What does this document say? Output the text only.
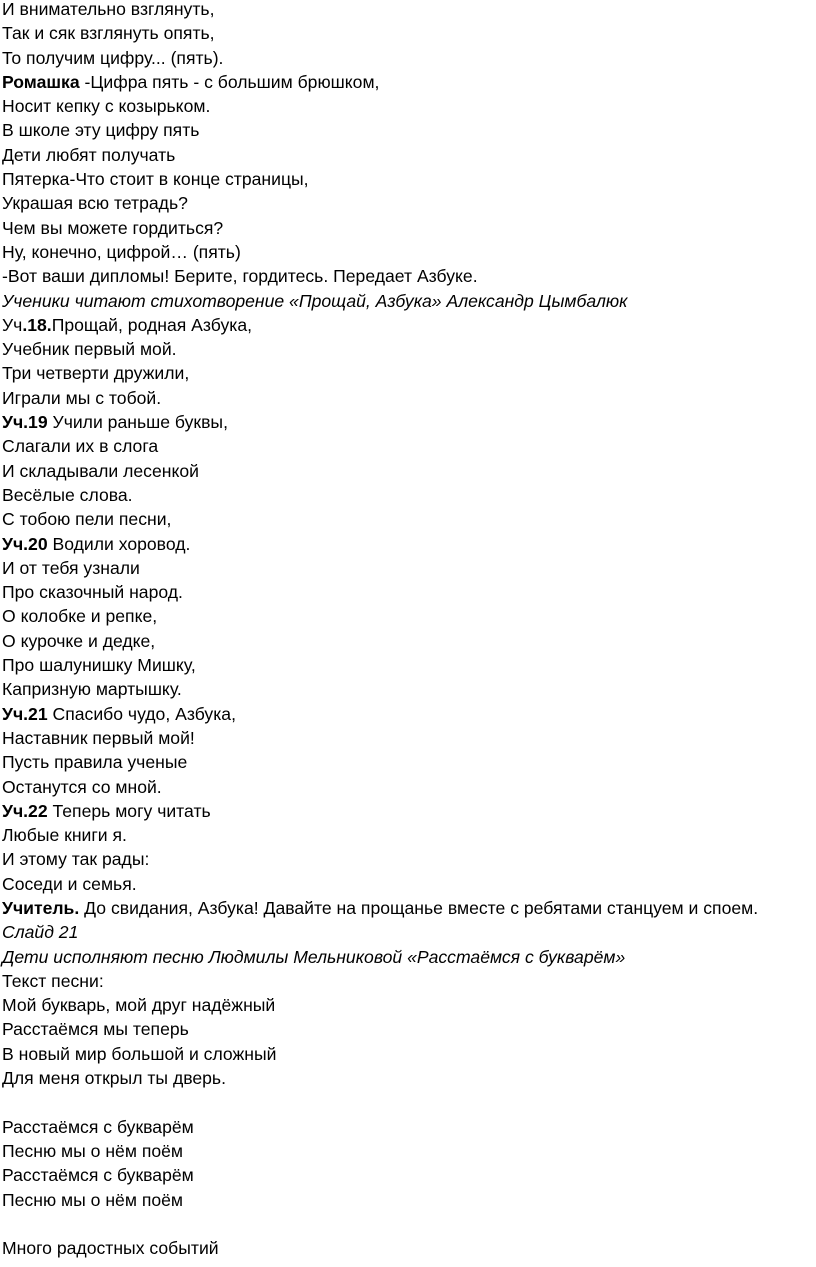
И внимательно взглянуть,
Так и сяк взглянуть опять,
То получим цифру... (пять).
Ромашка -Цифра пять - с большим брюшком,
Носит кепку с козырьком.
В школе эту цифру пять
Дети любят получать
Пятерка-Что стоит в конце страницы,
Украшая всю тетрадь?
Чем вы можете гордиться?
Ну, конечно, цифрой… (пять)
-Вот ваши дипломы! Берите, гордитесь. Передает Азбуке.
Ученики читают стихотворение «Прощай, Азбука» Александр Цымбалюк
Уч.18.Прощай, родная Азбука,
Учебник первый мой.
Три четверти дружили,
Играли мы с тобой.
Уч.19 Учили раньше буквы,
Слагали их в слога
И складывали лесенкой
Весёлые слова.
С тобою пели песни,
Уч.20 Водили хоровод.
И от тебя узнали
Про сказочный народ.
О колобке и репке,
О курочке и дедке,
Про шалунишку Мишку,
Капризную мартышку.
Уч.21 Спасибо чудо, Азбука,
Наставник первый мой!
Пусть правила ученые
Останутся со мной.
Уч.22 Теперь могу читать
Любые книги я.
И этому так рады:
Соседи и семья.
Учитель. До свидания, Азбука! Давайте на прощанье вместе с ребятами станцуем и споем.
Слайд 21
Дети исполняют песню Людмилы Мельниковой «Расстаёмся с букварём»
Текст песни:
Мой букварь, мой друг надёжный
Расстаёмся мы теперь
В новый мир большой и сложный
Для меня открыл ты дверь.
Расстаёмся с букварём
Песню мы о нём поём
Расстаёмся с букварём
Песню мы о нём поём
Много радостных событий
